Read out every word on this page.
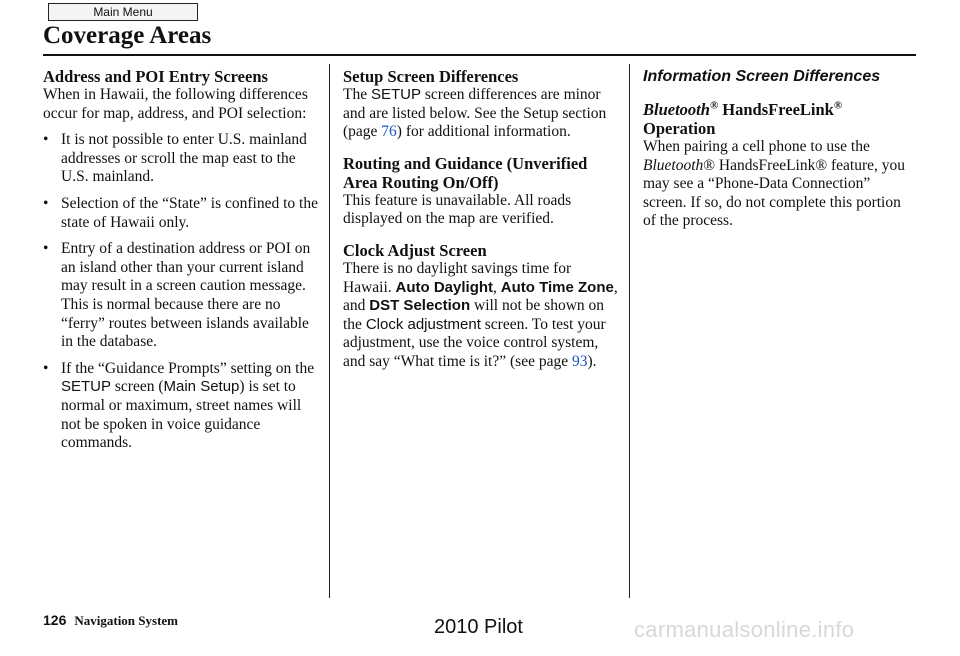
Main Menu
Coverage Areas
Address and POI Entry Screens

When in Hawaii, the following differences occur for map, address, and POI selection:

• It is not possible to enter U.S. mainland addresses or scroll the map east to the U.S. mainland.
• Selection of the “State” is confined to the state of Hawaii only.
• Entry of a destination address or POI on an island other than your current island may result in a screen caution message. This is normal because there are no “ferry” routes between islands available in the database.
• If the “Guidance Prompts” setting on the SETUP screen (Main Setup) is set to normal or maximum, street names will not be spoken in voice guidance commands.
Setup Screen Differences

The SETUP screen differences are minor and are listed below. See the Setup section (page 76) for additional information.

Routing and Guidance (Unverified Area Routing On/Off)

This feature is unavailable. All roads displayed on the map are verified.

Clock Adjust Screen

There is no daylight savings time for Hawaii. Auto Daylight, Auto Time Zone, and DST Selection will not be shown on the Clock adjustment screen. To test your adjustment, use the voice control system, and say “What time is it?” (see page 93).

Information Screen Differences
Bluetooth® HandsFreeLink®
Operation

When pairing a cell phone to use the Bluetooth® HandsFreeLink® feature, you may see a “Phone-Data Connection” screen. If so, do not complete this portion of the process.

126 Navigation System	2010 Pilot	carmanualsonline.info
